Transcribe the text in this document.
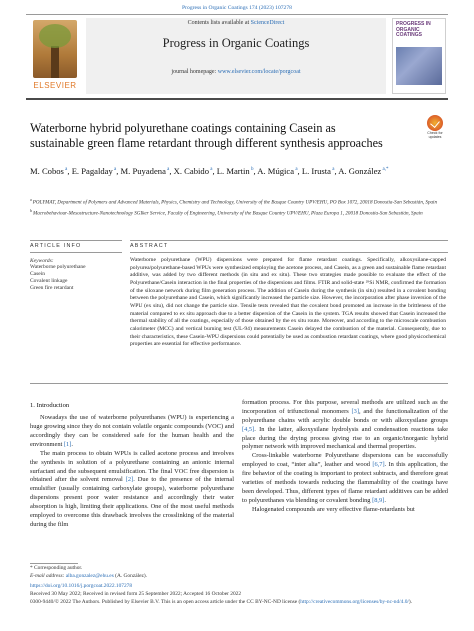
Progress in Organic Coatings 174 (2023) 107278
ELSEVIER
Contents lists available at ScienceDirect
Progress in Organic Coatings
journal homepage: www.elsevier.com/locate/porgcoat
PROGRESS IN ORGANIC COATINGS
Waterborne hybrid polyurethane coatings containing Casein as sustainable green flame retardant through different synthesis approaches
Check for updates
M. Cobos $^a$, E. Pagalday $^a$, M. Puyadena $^a$, X. Cabido $^a$, L. Martin $^b$, A. Múgica $^a$, L. Irusta $^a$, A. González $^{a,*}$
$^a$ POLYMAT, Department of Polymers and Advanced Materials, Physics, Chemistry and Technology, University of the Basque Country UPV/EHU, PO Box 1072, 20018 Donostia-San Sebastián, Spain
$^b$ Macrobehaviour-Mesostructure-Nanotechnology SGIker Service, Faculty of Engineering, University of the Basque Country UPV/EHU, Plaza Europa 1, 20018 Donostia-San Sebastián, Spain
ARTICLE INFO	ABSTRACT
Keywords:
Waterborne polyurethane
Casein
Covalent linkage
Green fire retardant
Waterborne polyurethane (WPU) dispersions were prepared for flame retardant coatings. Specifically, alkoxysilane-capped polyurea/polyurethane-based WPUs were synthesized employing the acetone process, and Casein, as a green and sustainable flame retardant additive, was added by two different methods (in situ and ex situ). These two strategies made possible to evaluate the effect of the Polyurethane/Casein interaction in the final properties of the dispersions and films. FTIR and solid-state ²⁹Si NMR, confirmed the formation of the siloxane network during film generation process. The addition of Casein during the synthesis (in situ) resulted in a covalent bonding between the polyurethane and Casein, which significantly increased the particle size. However, the incorporation after phase inversion of the WPU (ex situ), did not change the particle size. Tensile tests revealed that the covalent bond promoted an increase in the brittleness of the material compared to ex situ approach due to a better dispersion of the Casein in the system. TGA results showed that Casein increased the thermal stability of all the coatings, especially of those obtained by the ex situ route. Moreover, and according to the microscale combustion calorimeter (MCC) and vertical burning test (UL-94) measurements Casein delayed the combustion of the material. Consequently, due to their characteristics, these Casein-WPU dispersions could potentially be used as combustion retardant coatings, where good physicochemical properties are essential for effective performance.
1. Introduction

Nowadays the use of waterborne polyurethanes (WPU) is experiencing a huge growing since they do not contain volatile organic compounds (VOC) and accordingly they can be considered safe for the human health and the environment [1].

The main process to obtain WPUs is called acetone process and involves the synthesis in solution of a polyurethane containing an anionic internal surfactant and the subsequent emulsification. The final VOC free dispersion is obtained after the solvent removal [2]. Due to the presence of the internal emulsifier (usually containing carboxylate groups), waterborne polyurethane dispersions present poor water resistance and accordingly their water absorption is high, limiting their applications. One of the most useful methods employed to overcome this drawback involves the crosslinking of the material during the film

formation process. For this purpose, several methods are utilized such as the incorporation of trifunctional monomers [3], and the functionalization of the polyurethane chains with acrylic double bonds or with alkoxysilane groups [4,5]. In the latter, alkoxysilane hydrolysis and condensation reactions take place during the drying process giving rise to an organic/inorganic hybrid polymer network with improved mechanical and thermal properties.

Cross-linkable waterborne Polyurethane dispersions can be successfully employed to coat, “inter alia”, leather and wood [6,7]. In this application, the fire behavior of the coating is important to protect subtracts, and therefore great varieties of methods towards reducing the flammability of the coatings have been developed. Thus, different types of flame retardant additives can be added to polyurethanes via blending or covalent bonding [8,9].

Halogenated compounds are very effective flame-retardants but

* Corresponding author.
E-mail address: alba.gonzalez@ehu.es (A. González).
https://doi.org/10.1016/j.porgcoat.2022.107278
Received 30 May 2022; Received in revised form 25 September 2022; Accepted 16 October 2022
0300-9440/© 2022 The Authors. Published by Elsevier B.V. This is an open access article under the CC BY-NC-ND license (http://creativecommons.org/licenses/by-nc-nd/4.0/).
